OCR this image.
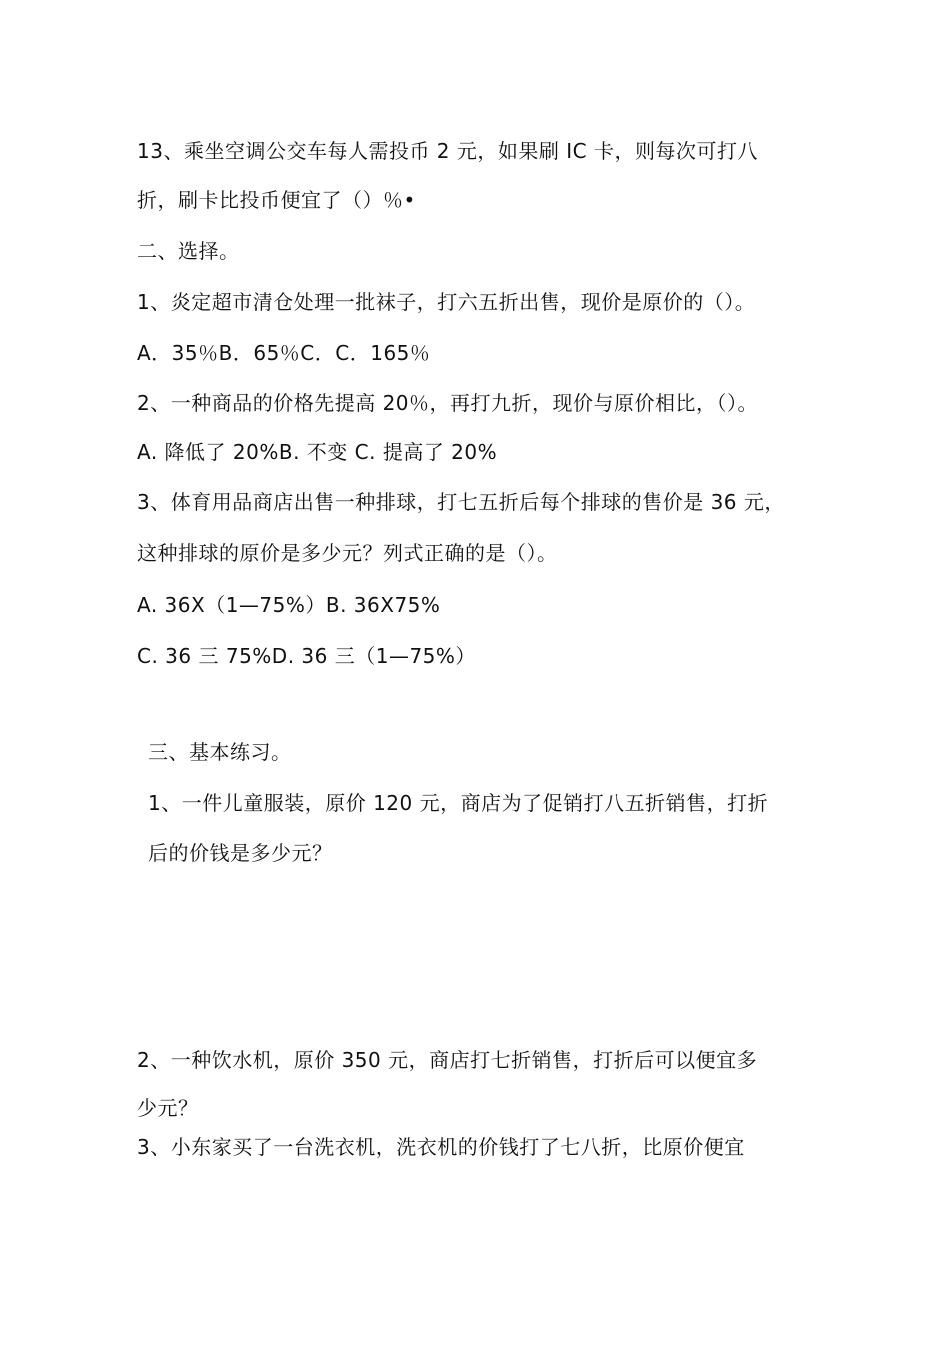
13、乘坐空调公交车每人需投币 2 元，如果刷 IC 卡，则每次可打八
折，刷卡比投币便宜了（）％•
二、选择。
1、炎定超市清仓处理一批袜子，打六五折出售，现价是原价的（）。
A．35％B．65％C．C．165％
2、一种商品的价格先提高 20％，再打九折，现价与原价相比，（）。
A. 降低了 20%B. 不变 C. 提高了 20%
3、体育用品商店出售一种排球，打七五折后每个排球的售价是 36 元，
这种排球的原价是多少元？列式正确的是（）。
A. 36X（1—75%）B. 36X75%
C. 36 三 75%D. 36 三（1—75%）
三、基本练习。
1、一件儿童服装，原价 120 元，商店为了促销打八五折销售，打折
后的价钱是多少元？
2、一种饮水机，原价 350 元，商店打七折销售，打折后可以便宜多
少元？
3、小东家买了一台洗衣机，洗衣机的价钱打了七八折，比原价便宜
